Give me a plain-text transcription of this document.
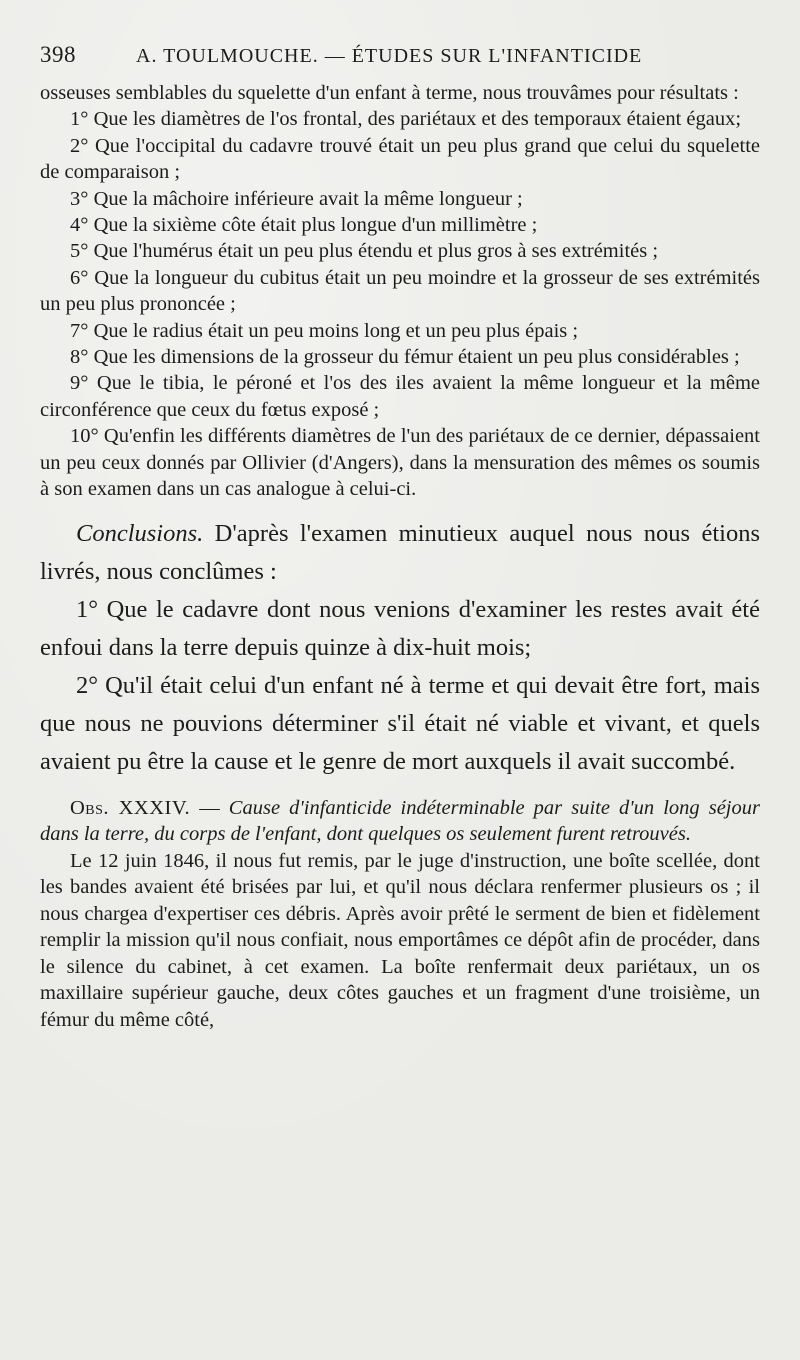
398	A. TOULMOUCHE. — ÉTUDES SUR L'INFANTICIDE

osseuses semblables du squelette d'un enfant à terme, nous trouvâmes pour résultats :

1° Que les diamètres de l'os frontal, des pariétaux et des temporaux étaient égaux;

2° Que l'occipital du cadavre trouvé était un peu plus grand que celui du squelette de comparaison ;

3° Que la mâchoire inférieure avait la même longueur ;

4° Que la sixième côte était plus longue d'un millimètre ;

5° Que l'humérus était un peu plus étendu et plus gros à ses extrémités ;

6° Que la longueur du cubitus était un peu moindre et la grosseur de ses extrémités un peu plus prononcée ;

7° Que le radius était un peu moins long et un peu plus épais ;

8° Que les dimensions de la grosseur du fémur étaient un peu plus considérables ;

9° Que le tibia, le péroné et l'os des iles avaient la même longueur et la même circonférence que ceux du fœtus exposé ;

10° Qu'enfin les différents diamètres de l'un des pariétaux de ce dernier, dépassaient un peu ceux donnés par Ollivier (d'Angers), dans la mensuration des mêmes os soumis à son examen dans un cas analogue à celui-ci.

Conclusions. D'après l'examen minutieux auquel nous nous étions livrés, nous conclûmes :

1° Que le cadavre dont nous venions d'examiner les restes avait été enfoui dans la terre depuis quinze à dix-huit mois;

2° Qu'il était celui d'un enfant né à terme et qui devait être fort, mais que nous ne pouvions déterminer s'il était né viable et vivant, et quels avaient pu être la cause et le genre de mort auxquels il avait succombé.

Obs. XXXIV. — Cause d'infanticide indéterminable par suite d'un long séjour dans la terre, du corps de l'enfant, dont quelques os seulement furent retrouvés.

Le 12 juin 1846, il nous fut remis, par le juge d'instruction, une boîte scellée, dont les bandes avaient été brisées par lui, et qu'il nous déclara renfermer plusieurs os ; il nous chargea d'expertiser ces débris. Après avoir prêté le serment de bien et fidèlement remplir la mission qu'il nous confiait, nous emportâmes ce dépôt afin de procéder, dans le silence du cabinet, à cet examen. La boîte renfermait deux pariétaux, un os maxillaire supérieur gauche, deux côtes gauches et un fragment d'une troisième, un fémur du même côté,
